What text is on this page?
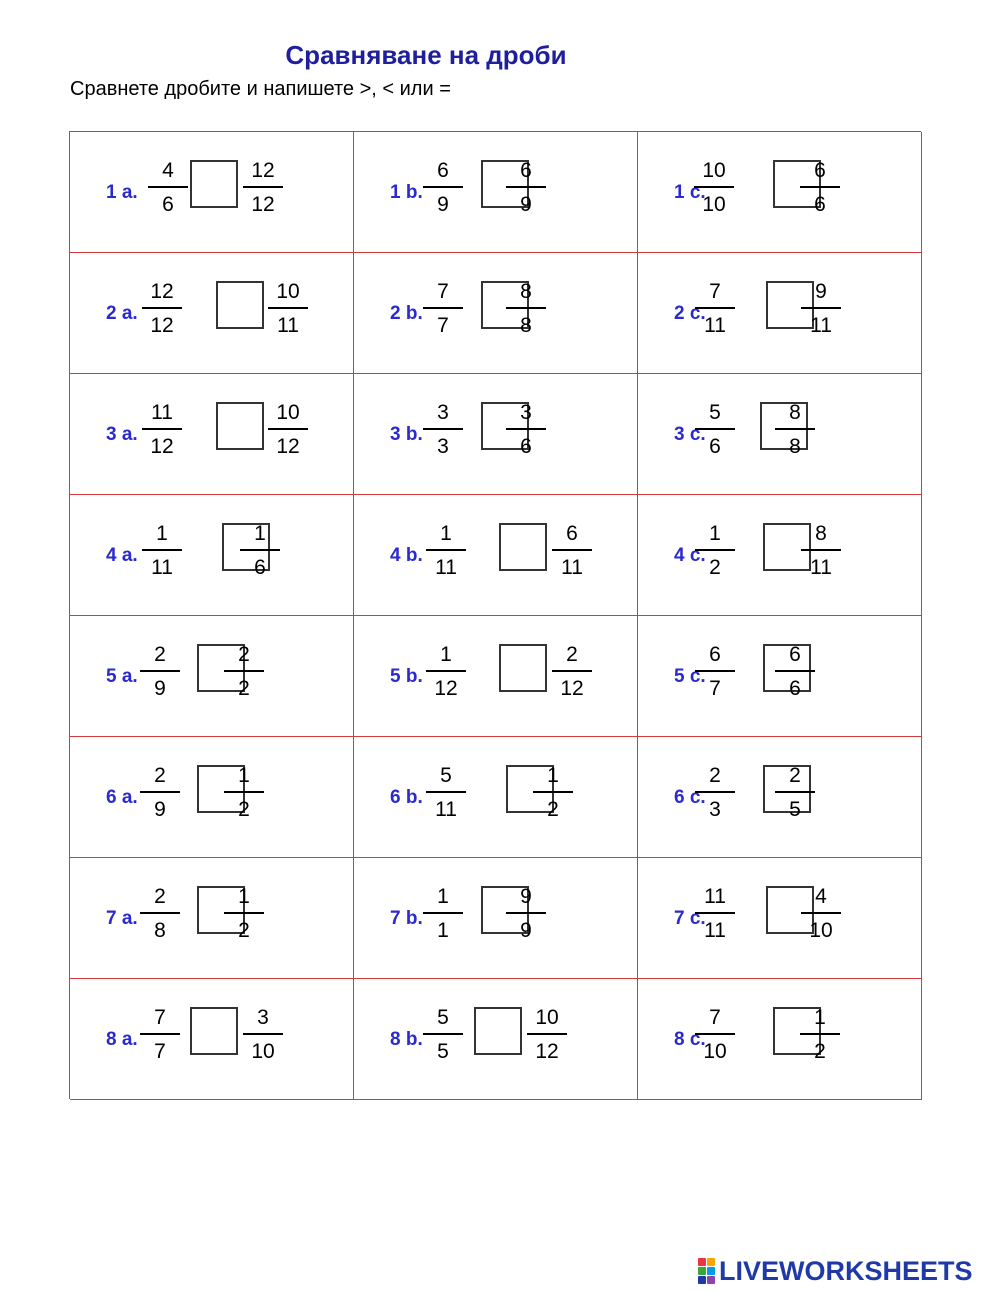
Сравняване на дроби
Сравнете дробите и напишете >, < или =
1 a.
4
6
12
12
1 b.
6
9
6
9
1 c.
10
10
6
6
2 a.
12
12
10
11
2 b.
7
7
8
8
2 c.
7
11
9
11
3 a.
11
12
10
12
3 b.
3
3
3
6
3 c.
5
6
8
8
4 a.
1
11
1
6
4 b.
1
11
6
11
4 c.
1
2
8
11
5 a.
2
9
2
2
5 b.
1
12
2
12
5 c.
6
7
6
6
6 a.
2
9
1
2
6 b.
5
11
1
2
6 c.
2
3
2
5
7 a.
2
8
1
2
7 b.
1
1
9
9
7 c.
11
11
4
10
8 a.
7
7
3
10
8 b.
5
5
10
12
8 c.
7
10
1
2
LIVEWORKSHEETS
